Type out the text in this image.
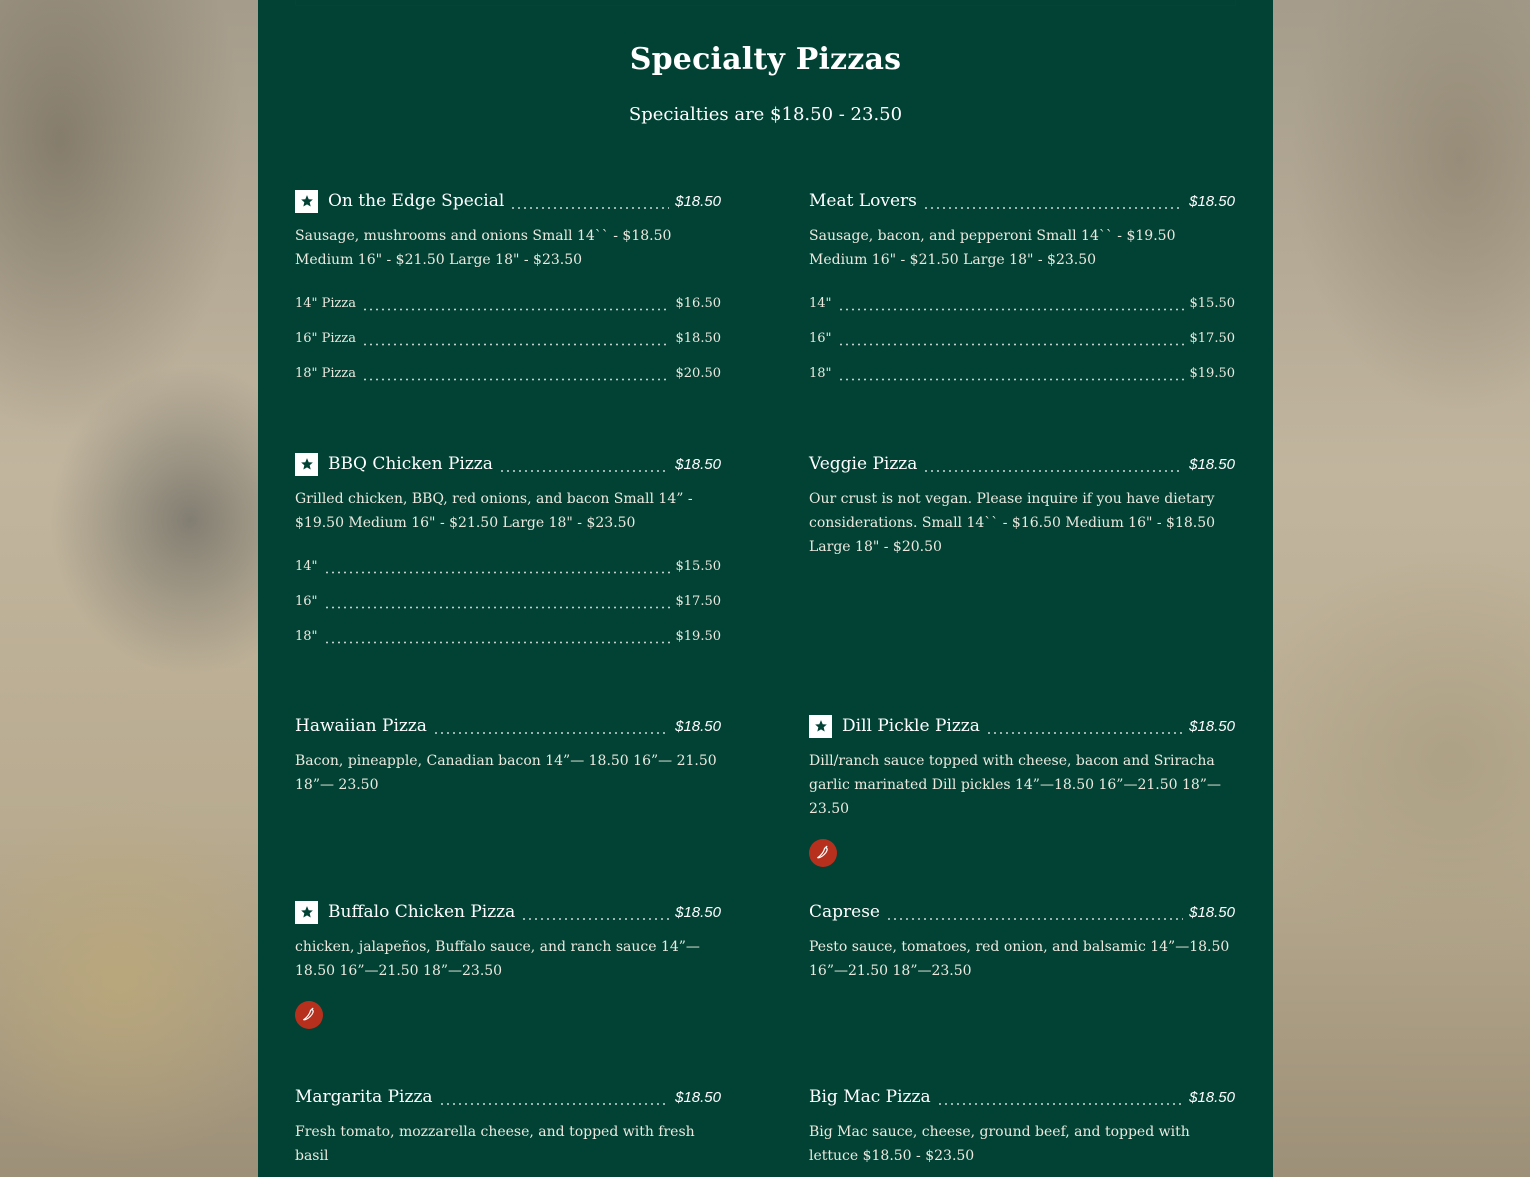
Specialty Pizzas
Specialties are $18.50 - 23.50
On the Edge Special	$18.50
Sausage, mushrooms and onions Small 14`` - $18.50 Medium 16" - $21.50 Large 18" - $23.50
14" Pizza	$16.50
16" Pizza	$18.50
18" Pizza	$20.50
Meat Lovers	$18.50
Sausage, bacon, and pepperoni Small 14`` - $19.50 Medium 16" - $21.50 Large 18" - $23.50
14"	$15.50
16"	$17.50
18"	$19.50
BBQ Chicken Pizza	$18.50
Grilled chicken, BBQ, red onions, and bacon Small 14” - $19.50 Medium 16" - $21.50 Large 18" - $23.50
14"	$15.50
16"	$17.50
18"	$19.50
Veggie Pizza	$18.50
Our crust is not vegan. Please inquire if you have dietary considerations. Small 14`` - $16.50 Medium 16" - $18.50 Large 18" - $20.50
Hawaiian Pizza	$18.50
Bacon, pineapple, Canadian bacon 14”— 18.50 16”— 21.50 18”— 23.50
Dill Pickle Pizza	$18.50
Dill/ranch sauce topped with cheese, bacon and Sriracha garlic marinated Dill pickles 14”—18.50 16”—21.50 18”—23.50
Buffalo Chicken Pizza	$18.50
chicken, jalapeños, Buffalo sauce, and ranch sauce 14”—18.50 16”—21.50 18”—23.50
Caprese	$18.50
Pesto sauce, tomatoes, red onion, and balsamic 14”—18.50 16”—21.50 18”—23.50
Margarita Pizza	$18.50
Fresh tomato, mozzarella cheese, and topped with fresh basil
Big Mac Pizza	$18.50
Big Mac sauce, cheese, ground beef, and topped with lettuce $18.50 - $23.50
